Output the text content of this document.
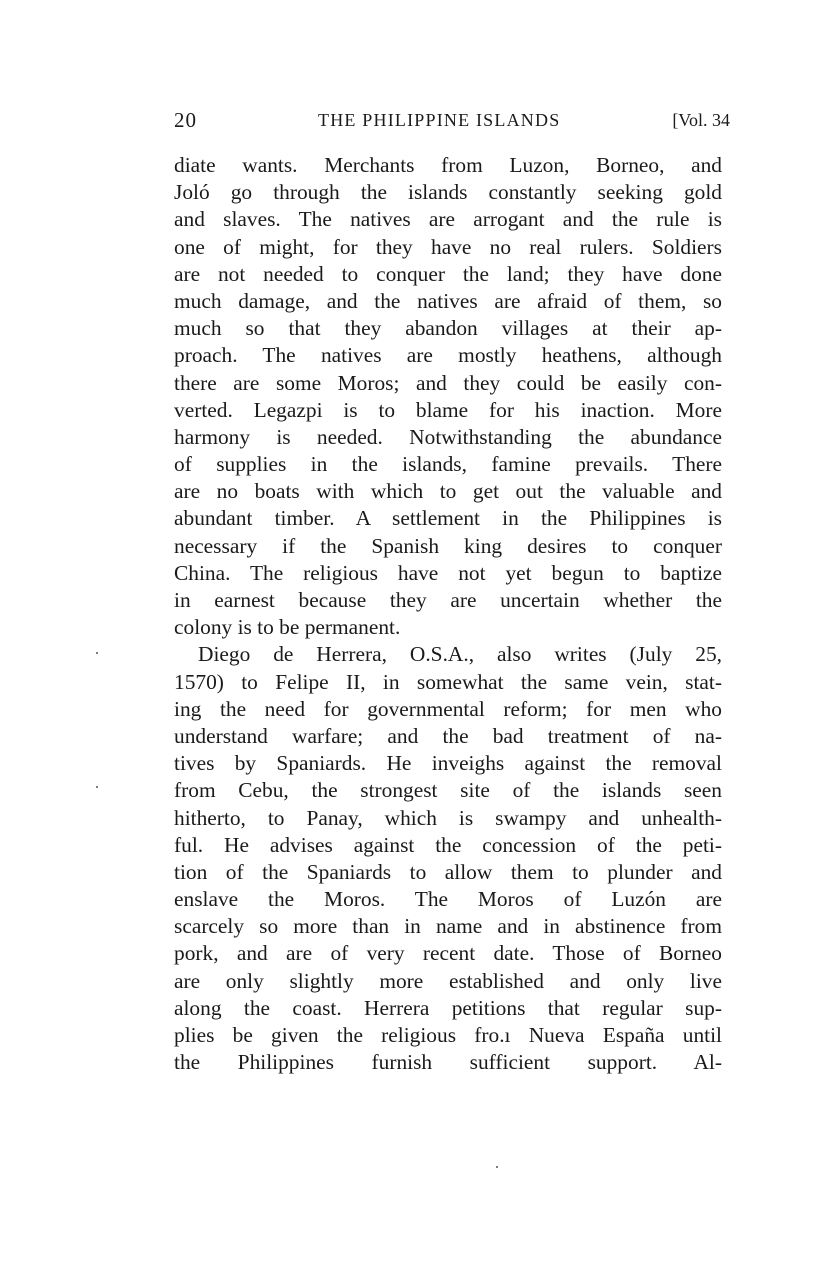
20	THE PHILIPPINE ISLANDS	[Vol. 34
diate wants. Merchants from Luzon, Borneo, and
Joló go through the islands constantly seeking gold
and slaves. The natives are arrogant and the rule is
one of might, for they have no real rulers. Soldiers
are not needed to conquer the land; they have done
much damage, and the natives are afraid of them, so
much so that they abandon villages at their ap-
proach. The natives are mostly heathens, although
there are some Moros; and they could be easily con-
verted. Legazpi is to blame for his inaction. More
harmony is needed. Notwithstanding the abundance
of supplies in the islands, famine prevails. There
are no boats with which to get out the valuable and
abundant timber. A settlement in the Philippines is
necessary if the Spanish king desires to conquer
China. The religious have not yet begun to baptize
in earnest because they are uncertain whether the
colony is to be permanent.
Diego de Herrera, O.S.A., also writes (July 25,
1570) to Felipe II, in somewhat the same vein, stat-
ing the need for governmental reform; for men who
understand warfare; and the bad treatment of na-
tives by Spaniards. He inveighs against the removal
from Cebu, the strongest site of the islands seen
hitherto, to Panay, which is swampy and unhealth-
ful. He advises against the concession of the peti-
tion of the Spaniards to allow them to plunder and
enslave the Moros. The Moros of Luzón are
scarcely so more than in name and in abstinence from
pork, and are of very recent date. Those of Borneo
are only slightly more established and only live
along the coast. Herrera petitions that regular sup-
plies be given the religious fro.ı Nueva España until
the Philippines furnish sufficient support. Al-
